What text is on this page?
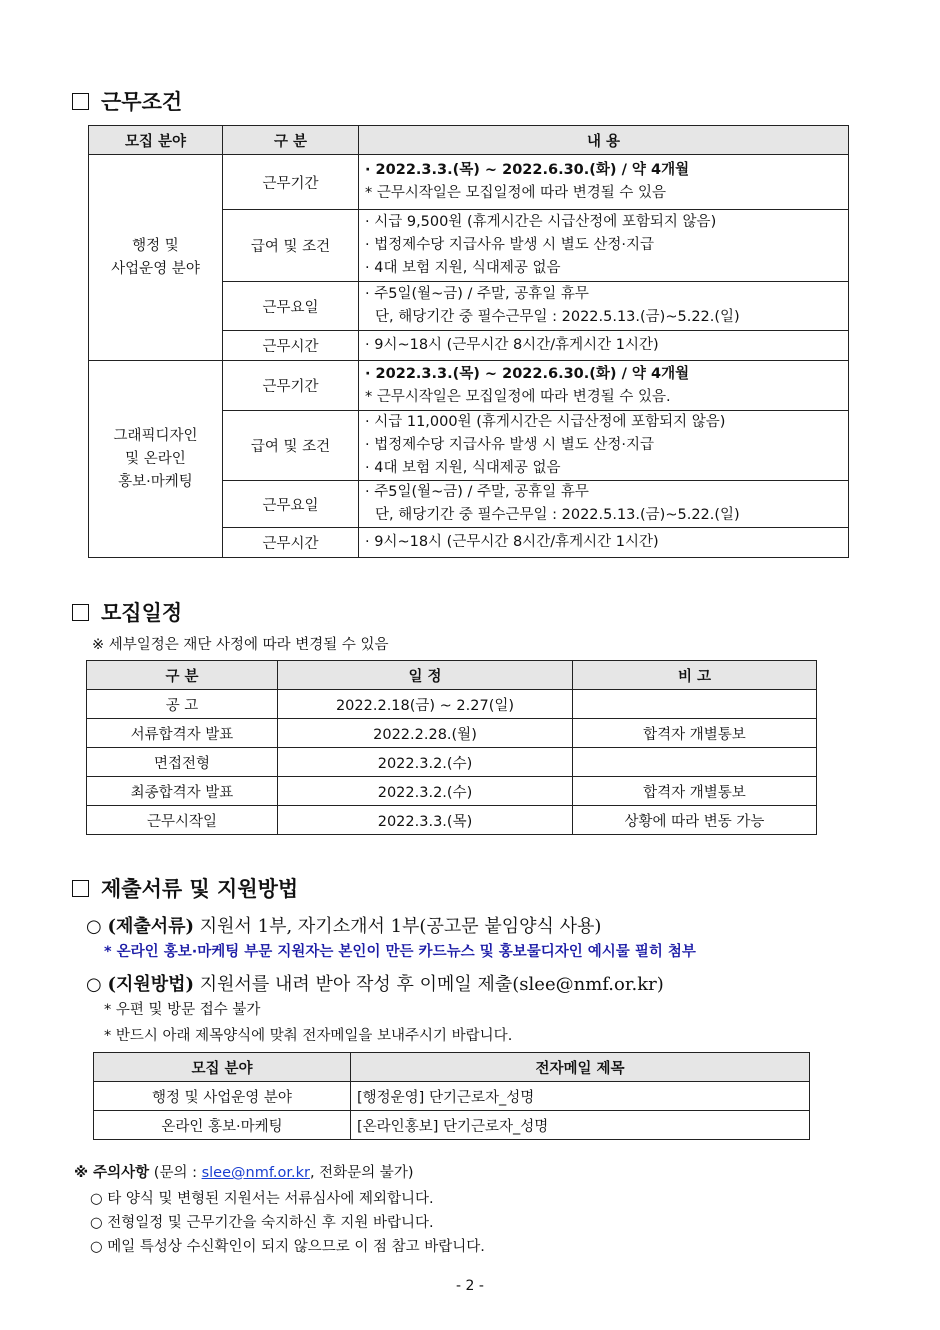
근무조건
모집 분야	구 분	내 용

행정 및
사업운영 분야	근무기간	· 2022.3.3.(목) ~ 2022.6.30.(화) / 약 4개월
* 근무시작일은 모집일정에 따라 변경될 수 있음

	급여 및 조건	· 시급 9,500원 (휴게시간은 시급산정에 포함되지 않음)
· 법정제수당 지급사유 발생 시 별도 산정·지급
· 4대 보험 지원, 식대제공 없음

	근무요일	· 주5일(월~금) / 주말, 공휴일 휴무
단, 해당기간 중 필수근무일 : 2022.5.13.(금)~5.22.(일)

	근무시간	· 9시~18시 (근무시간 8시간/휴게시간 1시간)

그래픽디자인
및 온라인
홍보·마케팅	근무기간	· 2022.3.3.(목) ~ 2022.6.30.(화) / 약 4개월
* 근무시작일은 모집일정에 따라 변경될 수 있음.

	급여 및 조건	· 시급 11,000원 (휴게시간은 시급산정에 포함되지 않음)
· 법정제수당 지급사유 발생 시 별도 산정·지급
· 4대 보험 지원, 식대제공 없음

	근무요일	· 주5일(월~금) / 주말, 공휴일 휴무
단, 해당기간 중 필수근무일 : 2022.5.13.(금)~5.22.(일)

	근무시간	· 9시~18시 (근무시간 8시간/휴게시간 1시간)
모집일정
※ 세부일정은 재단 사정에 따라 변경될 수 있음
구 분	일 정	비 고
공 고	2022.2.18(금) ~ 2.27(일)	
서류합격자 발표	2022.2.28.(월)	합격자 개별통보
면접전형	2022.3.2.(수)	
최종합격자 발표	2022.3.2.(수)	합격자 개별통보
근무시작일	2022.3.3.(목)	상황에 따라 변동 가능
제출서류 및 지원방법
○ (제출서류) 지원서 1부, 자기소개서 1부(공고문 붙임양식 사용)
* 온라인 홍보·마케팅 부문 지원자는 본인이 만든 카드뉴스 및 홍보물디자인 예시물 필히 첨부
○ (지원방법) 지원서를 내려 받아 작성 후 이메일 제출(slee@nmf.or.kr)
* 우편 및 방문 접수 불가
* 반드시 아래 제목양식에 맞춰 전자메일을 보내주시기 바랍니다.
모집 분야	전자메일 제목
행정 및 사업운영 분야	[행정운영] 단기근로자_성명
온라인 홍보·마케팅	[온라인홍보] 단기근로자_성명
※ 주의사항 (문의 : slee@nmf.or.kr, 전화문의 불가)
○ 타 양식 및 변형된 지원서는 서류심사에 제외합니다.
○ 전형일정 및 근무기간을 숙지하신 후 지원 바랍니다.
○ 메일 특성상 수신확인이 되지 않으므로 이 점 참고 바랍니다.
- 2 -
